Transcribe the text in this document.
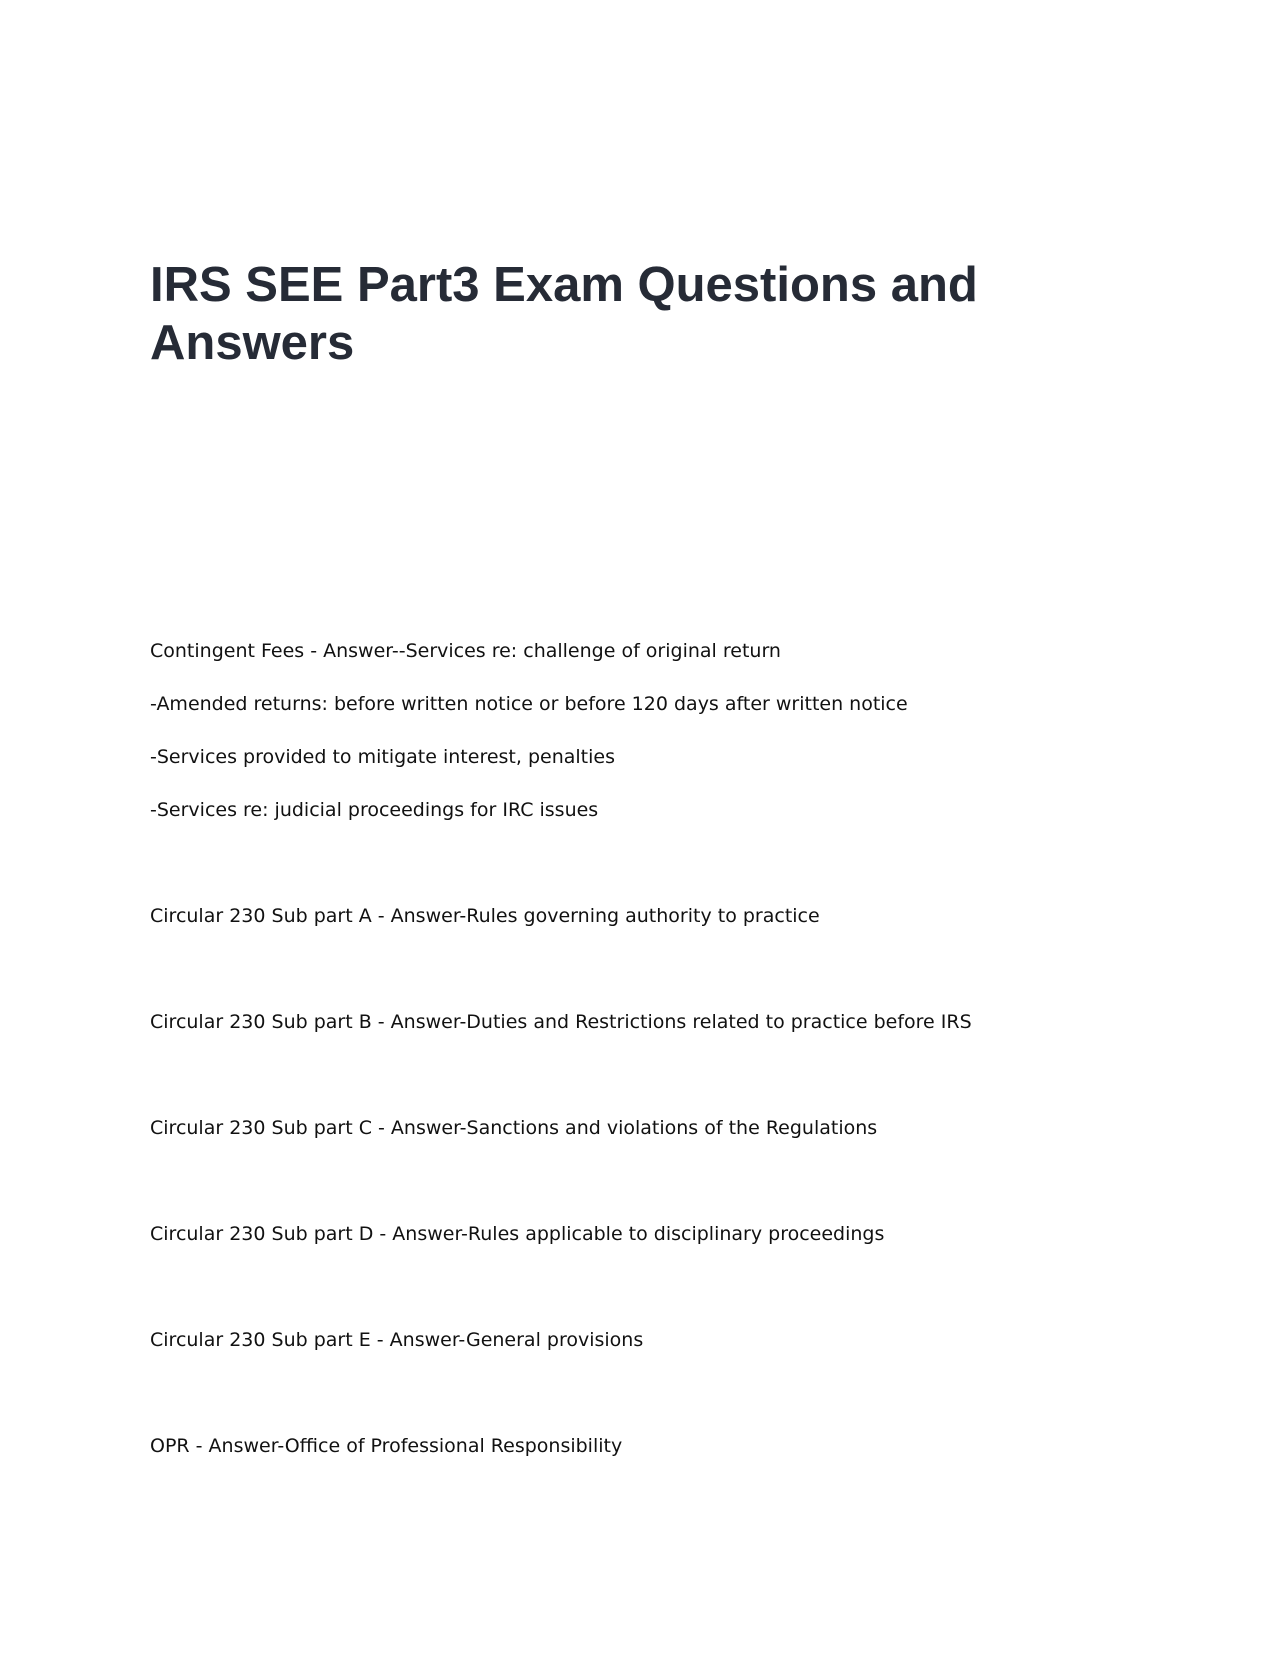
IRS SEE Part3 Exam Questions and Answers

Contingent Fees - Answer--Services re: challenge of original return

-Amended returns: before written notice or before 120 days after written notice

-Services provided to mitigate interest, penalties

-Services re: judicial proceedings for IRC issues

Circular 230 Sub part A - Answer-Rules governing authority to practice

Circular 230 Sub part B - Answer-Duties and Restrictions related to practice before IRS

Circular 230 Sub part C - Answer-Sanctions and violations of the Regulations

Circular 230 Sub part D - Answer-Rules applicable to disciplinary proceedings

Circular 230 Sub part E - Answer-General provisions

OPR - Answer-Office of Professional Responsibility
